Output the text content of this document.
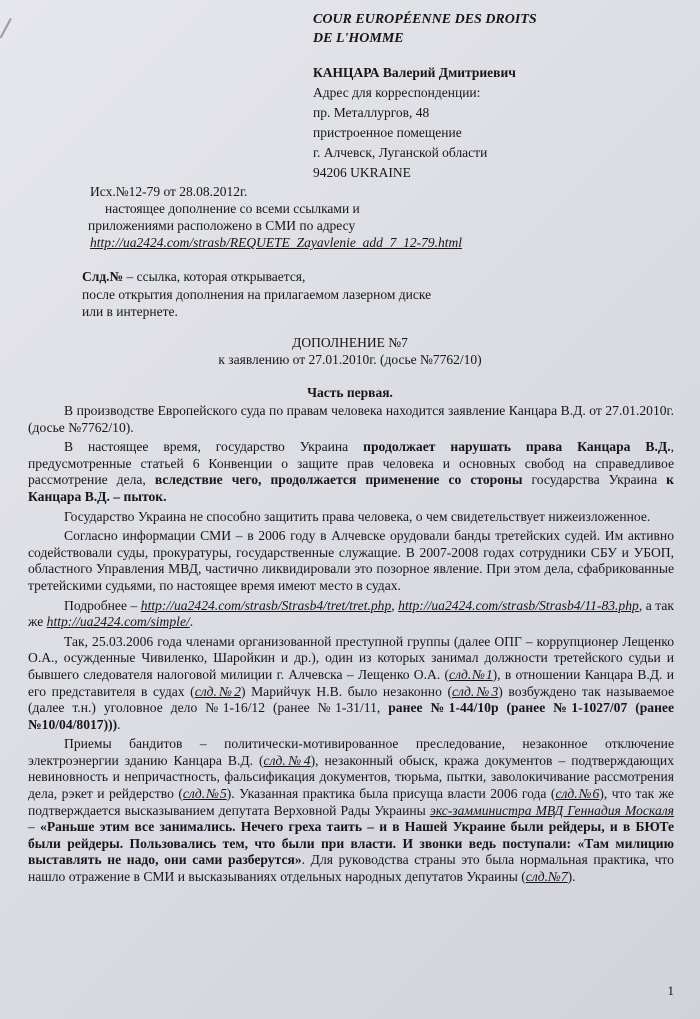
COUR EUROPÉENNE DES DROITS
DE L'HOMME
КАНЦАРА Валерий Дмитриевич
Адрес для корреспонденции:
пр. Металлургов, 48
пристроенное помещение
г. Алчевск, Луганской области
94206 UKRAINE
Исх.№12-79 от 28.08.2012г.
настоящее дополнение со всеми ссылками и
приложениями расположено в СМИ по адресу
http://ua2424.com/strasb/REQUETE_Zayavlenie_add_7_12-79.html
Слд.№ – ссылка, которая открывается,
после открытия дополнения на прилагаемом лазерном диске
или в интернете.
ДОПОЛНЕНИЕ №7
к заявлению от 27.01.2010г. (досье №7762/10)
Часть первая.

В производстве Европейского суда по правам человека находится заявление Канцара В.Д. от 27.01.2010г. (досье №7762/10).

В настоящее время, государство Украина продолжает нарушать права Канцара В.Д., предусмотренные статьей 6 Конвенции о защите прав человека и основных свобод на справедливое рассмотрение дела, вследствие чего, продолжается применение со стороны государства Украина к Канцара В.Д. – пыток.

Государство Украина не способно защитить права человека, о чем свидетельствует нижеизложенное.

Согласно информации СМИ – в 2006 году в Алчевске орудовали банды третейских судей. Им активно содействовали суды, прокуратуры, государственные служащие. В 2007-2008 годах сотрудники СБУ и УБОП, областного Управления МВД, частично ликвидировали это позорное явление. При этом дела, сфабрикованные третейскими судьями, по настоящее время имеют место в судах.

Подробнее – http://ua2424.com/strasb/Strasb4/tret/tret.php, http://ua2424.com/strasb/Strasb4/11-83.php, а так же http://ua2424.com/simple/.

Так, 25.03.2006 года членами организованной преступной группы (далее ОПГ – коррупционер Лещенко О.А., осужденные Чивиленко, Шаройкин и др.), один из которых занимал должности третейского судьи и бывшего следователя налоговой милиции г. Алчевска – Лещенко О.А. (слд.№1), в отношении Канцара В.Д. и его представителя в судах (слд.№2) Марийчук Н.В. было незаконно (слд.№3) возбуждено так называемое (далее т.н.) уголовное дело №1-16/12 (ранее №1-31/11, ранее №1-44/10р (ранее №1-1027/07 (ранее №10/04/8017))).

Приемы бандитов – политически-мотивированное преследование, незаконное отключение электроэнергии зданию Канцара В.Д. (слд.№4), незаконный обыск, кража документов – подтверждающих невиновность и непричастность, фальсификация документов, тюрьма, пытки, заволокичивание рассмотрения дела, рэкет и рейдерство (слд.№5). Указанная практика была присуща власти 2006 года (слд.№6), что так же подтверждается высказыванием депутата Верховной Рады Украины экс-замминистра МВД Геннадия Москаля – «Раньше этим все занимались. Нечего греха таить – и в Нашей Украине были рейдеры, и в БЮТе были рейдеры. Пользовались тем, что были при власти. И звонки ведь поступали: «Там милицию выставлять не надо, они сами разберутся». Для руководства страны это была нормальная практика, что нашло отражение в СМИ и высказываниях отдельных народных депутатов Украины (слд.№7).

1
